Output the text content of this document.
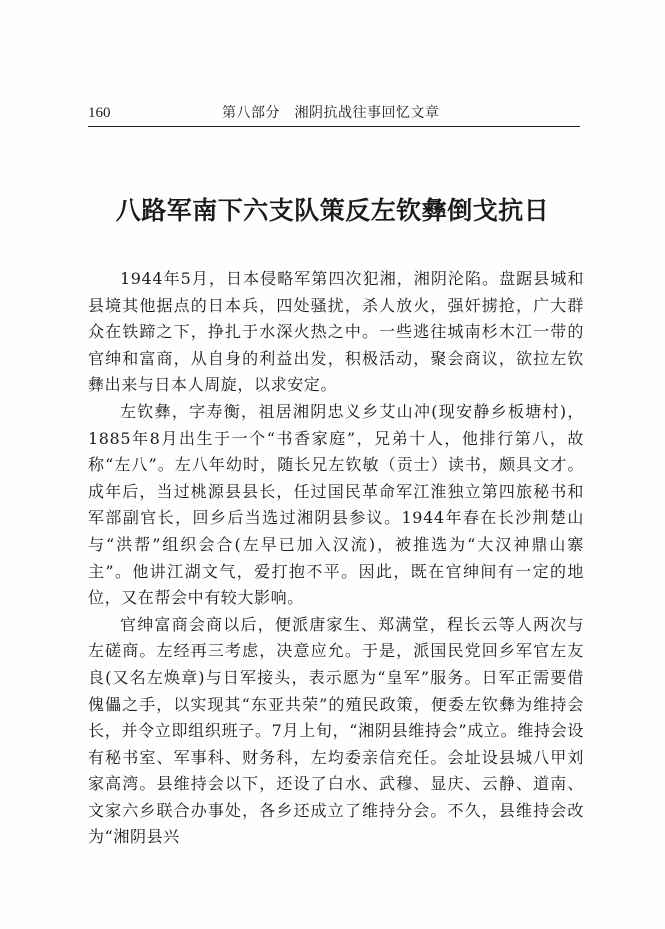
160	第八部分　湘阴抗战往事回忆文章
八路军南下六支队策反左钦彝倒戈抗日

1944年5月，日本侵略军第四次犯湘，湘阴沦陷。盘踞县城和县境其他据点的日本兵，四处骚扰，杀人放火，强奸掳抢，广大群众在铁蹄之下，挣扎于水深火热之中。一些逃往城南杉木江一带的官绅和富商，从自身的利益出发，积极活动，聚会商议，欲拉左钦彝出来与日本人周旋，以求安定。

左钦彝，字寿衡，祖居湘阴忠义乡艾山冲(现安静乡板塘村)，1885年8月出生于一个“书香家庭”，兄弟十人，他排行第八，故称“左八”。左八年幼时，随长兄左钦敏（贡士）读书，颇具文才。成年后，当过桃源县县长，任过国民革命军江淮独立第四旅秘书和军部副官长，回乡后当选过湘阴县参议。1944年春在长沙荆楚山与“洪帮”组织会合(左早已加入汉流)，被推选为“大汉神鼎山寨主”。他讲江湖文气，爱打抱不平。因此，既在官绅间有一定的地位，又在帮会中有较大影响。

官绅富商会商以后，便派唐家生、郑满堂，程长云等人两次与左磋商。左经再三考虑，决意应允。于是，派国民党回乡军官左友良(又名左焕章)与日军接头，表示愿为“皇军”服务。日军正需要借傀儡之手，以实现其“东亚共荣”的殖民政策，便委左钦彝为维持会长，并令立即组织班子。7月上旬，“湘阴县维持会”成立。维持会设有秘书室、军事科、财务科，左均委亲信充任。会址设县城八甲刘家高湾。县维持会以下，还设了白水、武穆、显庆、云静、道南、文家六乡联合办事处，各乡还成立了维持分会。不久，县维持会改为“湘阴县兴
